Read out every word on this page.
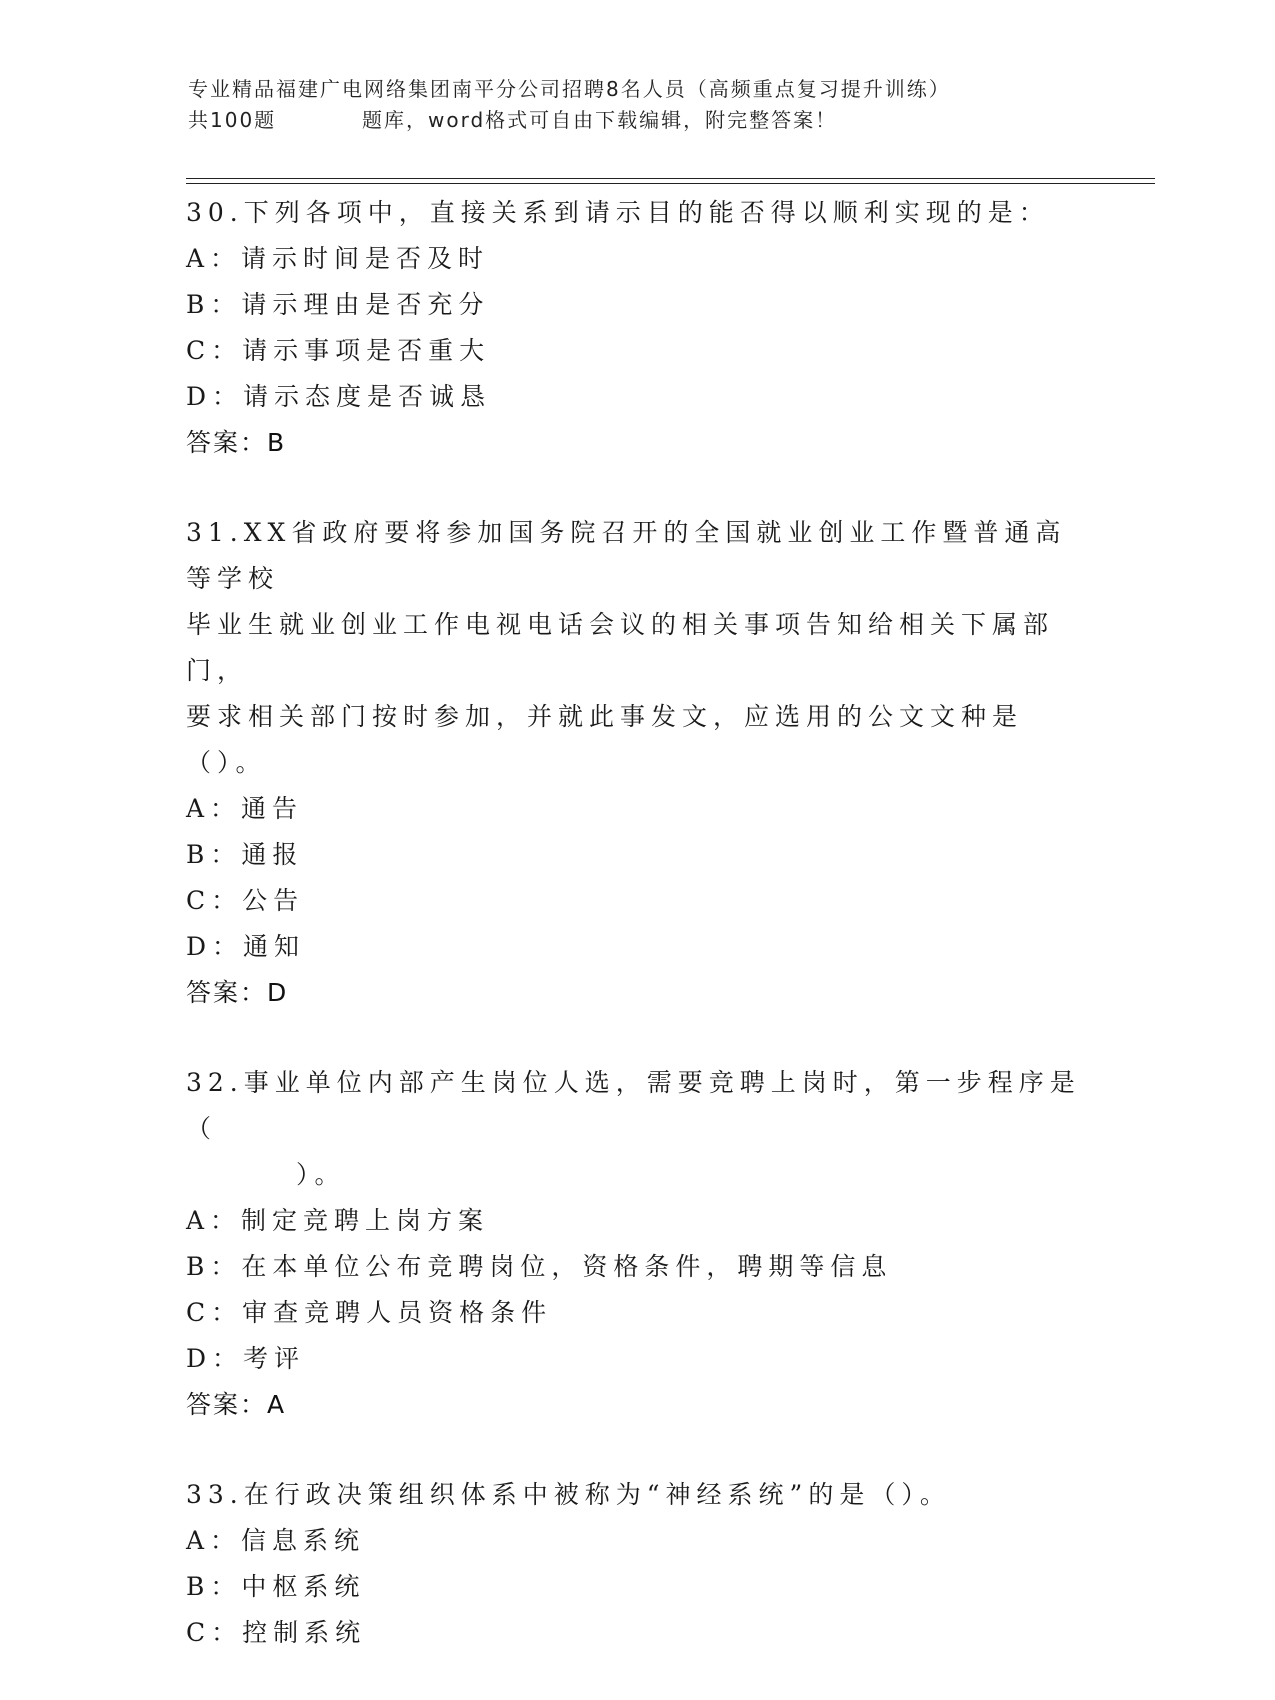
专业精品福建广电网络集团南平分公司招聘8名人员（高频重点复习提升训练）
共100题	题库，word格式可自由下载编辑，附完整答案！
30.下列各项中，直接关系到请示目的能否得以顺利实现的是：
A：请示时间是否及时
B：请示理由是否充分
C：请示事项是否重大
D：请示态度是否诚恳
答案：B
31.XX省政府要将参加国务院召开的全国就业创业工作暨普通高等学校
毕业生就业创业工作电视电话会议的相关事项告知给相关下属部门，
要求相关部门按时参加，并就此事发文，应选用的公文文种是（）。
A：通告
B：通报
C：公告
D：通知
答案：D
32.事业单位内部产生岗位人选，需要竞聘上岗时，第一步程序是（
）。
A：制定竞聘上岗方案
B：在本单位公布竞聘岗位，资格条件，聘期等信息
C：审查竞聘人员资格条件
D：考评
答案：A
33.在行政决策组织体系中被称为“神经系统”的是（）。
A：信息系统
B：中枢系统
C：控制系统
